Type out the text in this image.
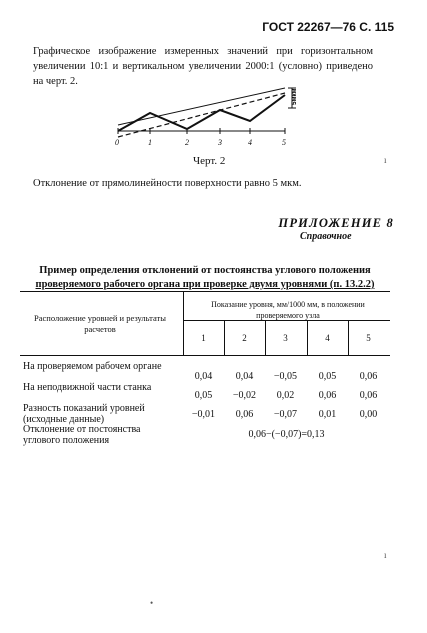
ГОСТ 22267—76 С. 115
Графическое изображение измеренных значений при горизонтальном увеличении 10:1 и вертикальном увеличении 2000:1 (условно) приведено на черт. 2.
5мкм
0	1	2	3	4	5
Черт. 2
Отклонение от прямолинейности поверхности равно 5 мкм.
ПРИЛОЖЕНИЕ 8
Справочное
Пример определения отклонений от постоянства углового положения
проверяемого рабочего органа при проверке двумя уровнями (п. 13.2.2)
Расположение уровней и результаты расчетов
Показание уровня, мм/1000 мм, в положении проверяемого узла
1	2	3	4	5
На проверяемом рабочем органе
0,04	0,04	−0,05	0,05	0,06
На неподвижной части станка
0,05	−0,02	0,02	0,06	0,06
Разность показаний уровней (исходные данные)	−0,01	0,06	−0,07	0,01	0,00
Отклонение от постоянства углового положения	0,06−(−0,07)=0,13
ı
ı
•
